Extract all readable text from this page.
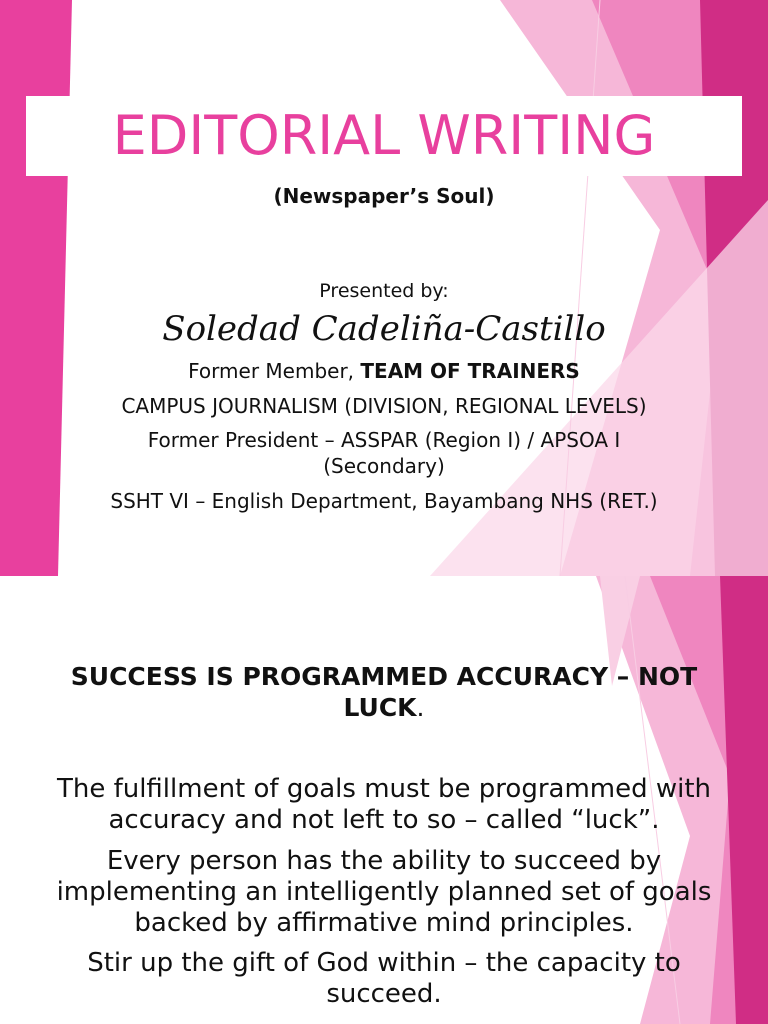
EDITORIAL WRITING
(Newspaper’s Soul)
Presented by:
Soledad Cadeliña-Castillo
Former Member, TEAM OF TRAINERS
CAMPUS JOURNALISM (DIVISION, REGIONAL LEVELS)
Former President – ASSPAR (Region I) / APSOA I (Secondary)
SSHT VI – English Department, Bayambang NHS (RET.)
SUCCESS IS PROGRAMMED ACCURACY – NOT LUCK.
The fulfillment of goals must be programmed with accuracy and not left to so – called “luck”.
Every person has the ability to succeed by implementing an intelligently planned set of goals backed by affirmative mind principles.
Stir up the gift of God within – the capacity to succeed.
